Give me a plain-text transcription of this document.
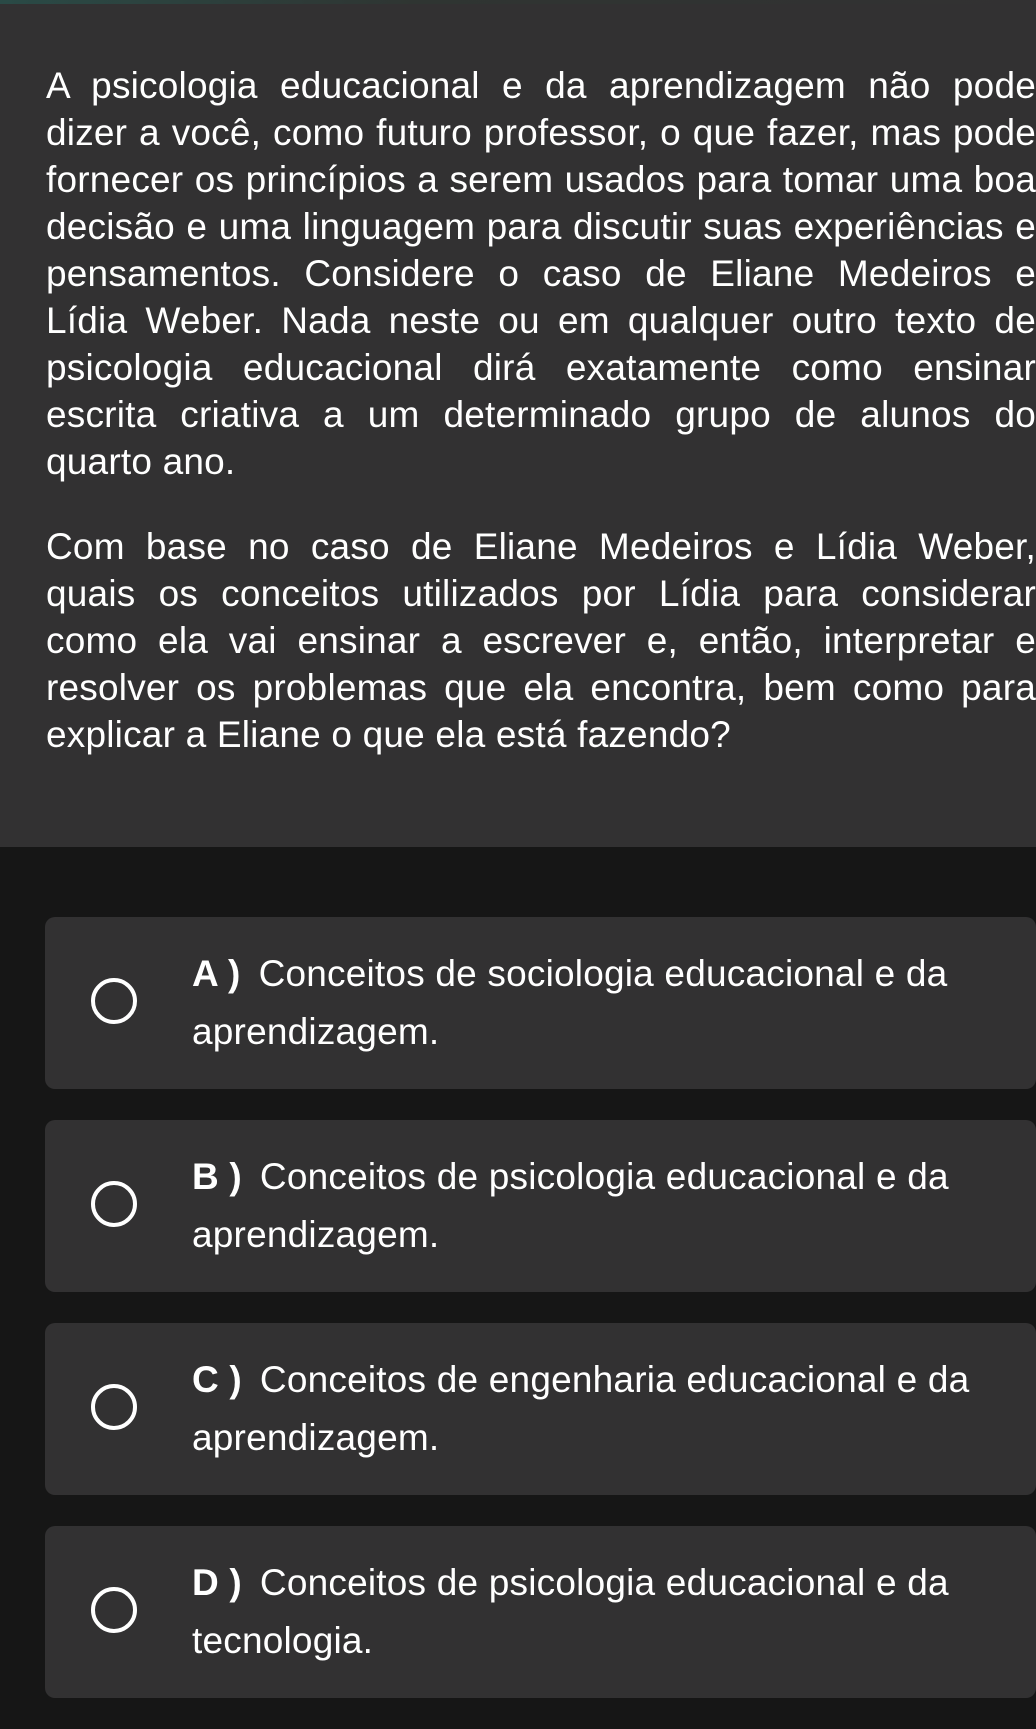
A psicologia educacional e da aprendizagem não pode dizer a você, como futuro professor, o que fazer, mas pode fornecer os princípios a serem usados para tomar uma boa decisão e uma linguagem para discutir suas experiências e pensamentos. Considere o caso de Eliane Medeiros e Lídia Weber. Nada neste ou em qualquer outro texto de psicologia educacional dirá exatamente como ensinar escrita criativa a um determinado grupo de alunos do quarto ano.

Com base no caso de Eliane Medeiros e Lídia Weber, quais os conceitos utilizados por Lídia para considerar como ela vai ensinar a escrever e, então, interpretar e resolver os problemas que ela encontra, bem como para explicar a Eliane o que ela está fazendo?

A ) Conceitos de sociologia educacional e da aprendizagem.
B ) Conceitos de psicologia educacional e da aprendizagem.
C ) Conceitos de engenharia educacional e da aprendizagem.
D ) Conceitos de psicologia educacional e da tecnologia.
